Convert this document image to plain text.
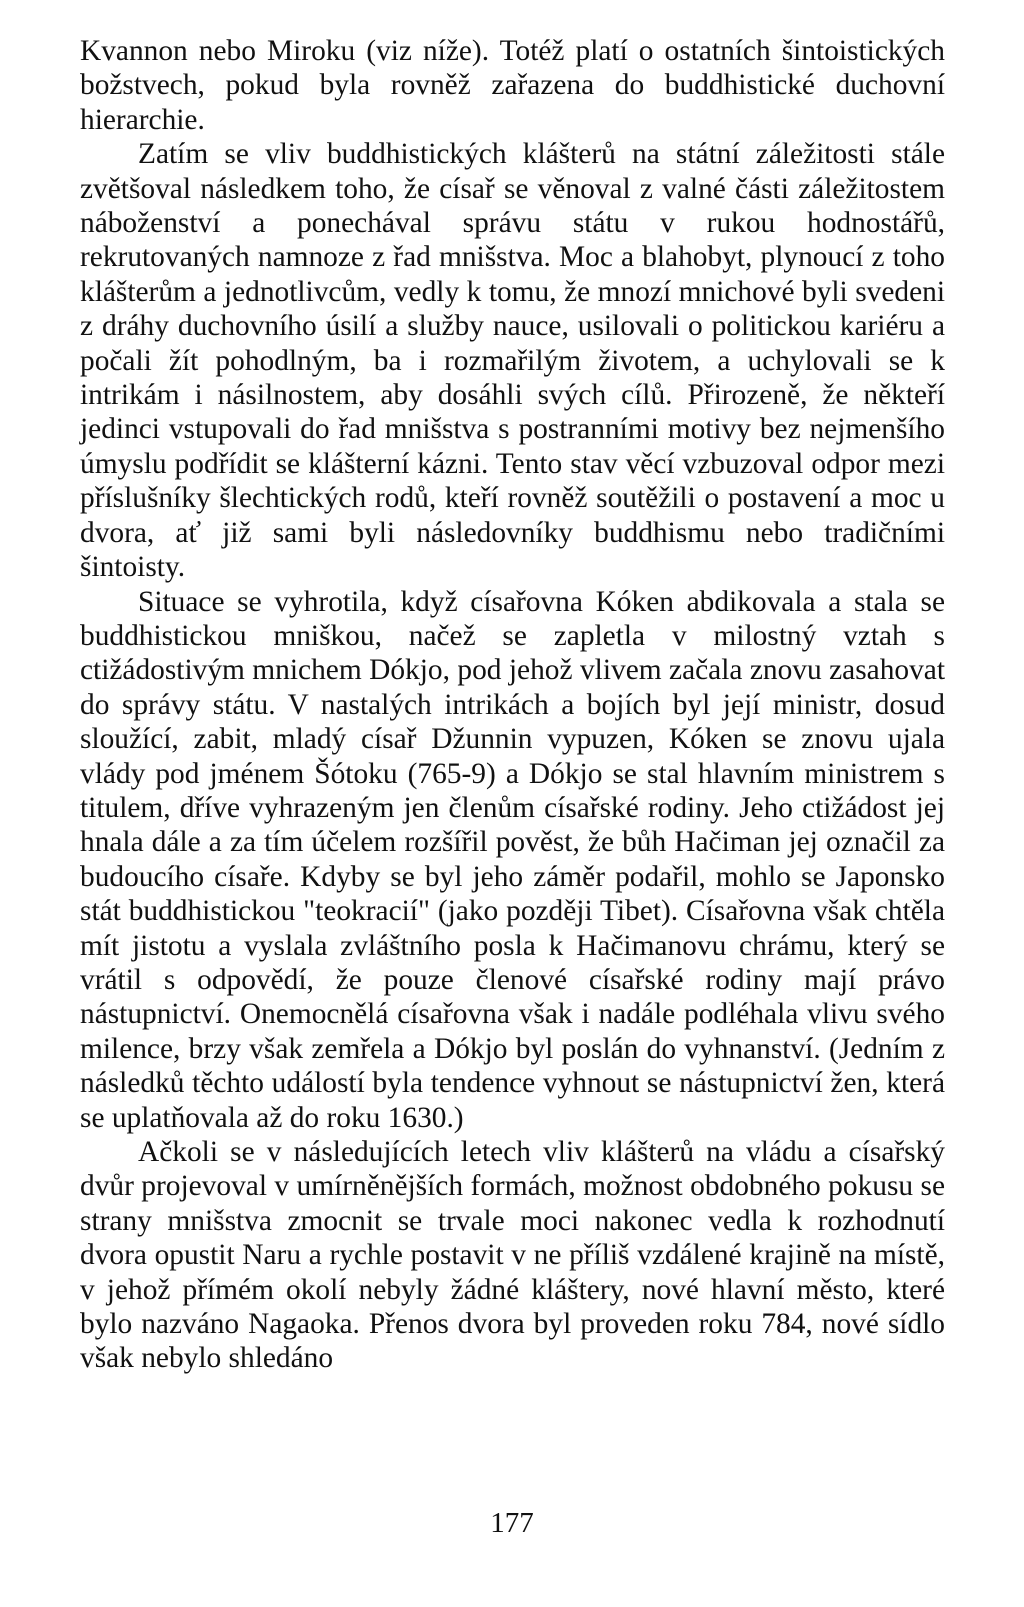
Kvannon nebo Miroku (viz níže). Totéž platí o ostatních šintoistických božstvech, pokud byla rovněž zařazena do buddhistické duchovní hierarchie.

Zatím se vliv buddhistických klášterů na státní záležitosti stále zvětšoval následkem toho, že císař se věnoval z valné části záležitostem náboženství a ponechával správu státu v rukou hodnostářů, rekrutovaných namnoze z řad mnišstva. Moc a blahobyt, plynoucí z toho klášterům a jednotlivcům, vedly k tomu, že mnozí mnichové byli svedeni z dráhy duchovního úsilí a služby nauce, usilovali o politickou kariéru a počali žít pohodlným, ba i rozmařilým životem, a uchylovali se k intrikám i násilnostem, aby dosáhli svých cílů. Přirozeně, že někteří jedinci vstupovali do řad mnišstva s postranními motivy bez nejmenšího úmyslu podřídit se klášterní kázni. Tento stav věcí vzbuzoval odpor mezi příslušníky šlechtických rodů, kteří rovněž soutěžili o postavení a moc u dvora, ať již sami byli následovníky buddhismu nebo tradičními šintoisty.

Situace se vyhrotila, když císařovna Kóken abdikovala a stala se buddhistickou mniškou, načež se zapletla v milostný vztah s ctižádostivým mnichem Dókjo, pod jehož vlivem začala znovu zasahovat do správy státu. V nastalých intrikách a bojích byl její ministr, dosud sloužící, zabit, mladý císař Džunnin vypuzen, Kóken se znovu ujala vlády pod jménem Šótoku (765-9) a Dókjo se stal hlavním ministrem s titulem, dříve vyhrazeným jen členům císařské rodiny. Jeho ctižádost jej hnala dále a za tím účelem rozšířil pověst, že bůh Hačiman jej označil za budoucího císaře. Kdyby se byl jeho záměr podařil, mohlo se Japonsko stát buddhistickou "teokracií" (jako později Tibet). Císařovna však chtěla mít jistotu a vyslala zvláštního posla k Hačimanovu chrámu, který se vrátil s odpovědí, že pouze členové císařské rodiny mají právo nástupnictví. Onemocnělá císařovna však i nadále podléhala vlivu svého milence, brzy však zemřela a Dókjo byl poslán do vyhnanství. (Jedním z následků těchto událostí byla tendence vyhnout se nástupnictví žen, která se uplatňovala až do roku 1630.)

Ačkoli se v následujících letech vliv klášterů na vládu a císařský dvůr projevoval v umírněnějších formách, možnost obdobného pokusu se strany mnišstva zmocnit se trvale moci nakonec vedla k rozhodnutí dvora opustit Naru a rychle postavit v ne příliš vzdálené krajině na místě, v jehož přímém okolí nebyly žádné kláštery, nové hlavní město, které bylo nazváno Nagaoka. Přenos dvora byl proveden roku 784, nové sídlo však nebylo shledáno

177
